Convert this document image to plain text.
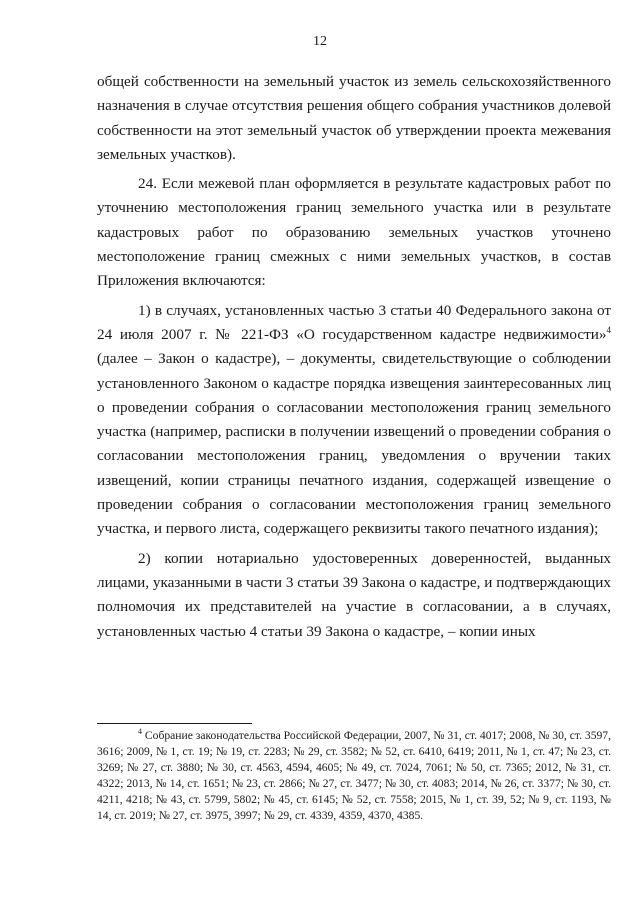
12

общей собственности на земельный участок из земель сельскохозяйственного назначения в случае отсутствия решения общего собрания участников долевой собственности на этот земельный участок об утверждении проекта межевания земельных участков).

24. Если межевой план оформляется в результате кадастровых работ по уточнению местоположения границ земельного участка или в результате кадастровых работ по образованию земельных участков уточнено местоположение границ смежных с ними земельных участков, в состав Приложения включаются:

1) в случаях, установленных частью 3 статьи 40 Федерального закона от 24 июля 2007 г. № 221-ФЗ «О государственном кадастре недвижимости»$^4$ (далее – Закон о кадастре), – документы, свидетельствующие о соблюдении установленного Законом о кадастре порядка извещения заинтересованных лиц о проведении собрания о согласовании местоположения границ земельного участка (например, расписки в получении извещений о проведении собрания о согласовании местоположения границ, уведомления о вручении таких извещений, копии страницы печатного издания, содержащей извещение о проведении собрания о согласовании местоположения границ земельного участка, и первого листа, содержащего реквизиты такого печатного издания);

2) копии нотариально удостоверенных доверенностей, выданных лицами, указанными в части 3 статьи 39 Закона о кадастре, и подтверждающих полномочия их представителей на участие в согласовании, а в случаях, установленных частью 4 статьи 39 Закона о кадастре, – копии иных

$^4$ Собрание законодательства Российской Федерации, 2007, № 31, ст. 4017; 2008, № 30, ст. 3597, 3616; 2009, № 1, ст. 19; № 19, ст. 2283; № 29, ст. 3582; № 52, ст. 6410, 6419; 2011, № 1, ст. 47; № 23, ст. 3269; № 27, ст. 3880; № 30, ст. 4563, 4594, 4605; № 49, ст. 7024, 7061; № 50, ст. 7365; 2012, № 31, ст. 4322; 2013, № 14, ст. 1651; № 23, ст. 2866; № 27, ст. 3477; № 30, ст. 4083; 2014, № 26, ст. 3377; № 30, ст. 4211, 4218; № 43, ст. 5799, 5802; № 45, ст. 6145; № 52, ст. 7558; 2015, № 1, ст. 39, 52; № 9, ст. 1193, № 14, ст. 2019; № 27, ст. 3975, 3997; № 29, ст. 4339, 4359, 4370, 4385.
